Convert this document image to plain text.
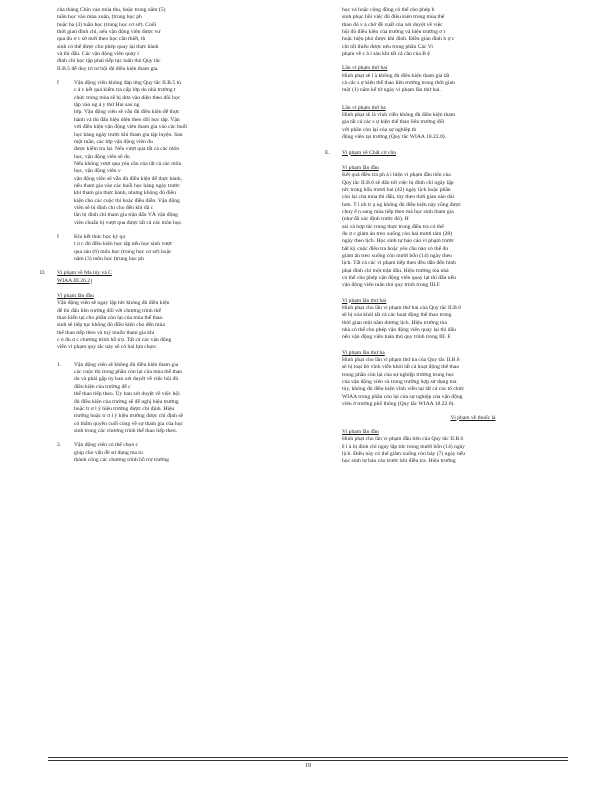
của tháng Chín vào mùa thu, hoặc trong năm (5)
tuần học vào mùa xuân, (trung học ph
hoặc ba (3) tuần học (trung học cơ sở). Cuối
thời gian đình chỉ, nếu vận động viên được vư
qua đu ơ c sở mới theo học cần thiết, th
sinh có thể được cho phép quay lại thực hành
và thi đấu. Các vận động viên quay l
đình chỉ học tập phải tiếp tục tuân thủ Quy tắc
II.B.5 để duy trì tư hội đủ điều kiện tham gia.

f	Vận động viên không đáp ứng Quy tắc II.B.5 tù
c ả c kết quả kiểm tra cấp lớp do nhà trường t
chức trong mùa sẽ bị đưa vào diện theo dõi học
tập vào ng á y thứ Hai sau ng
lớp. Vận động viên sẽ vẫn đủ điều kiện để thực
hành và thi đấu hiệu diện theo dõi học tập. Vận
với điều kiện vận động viên tham gia vào các buổi
học hàng ngày trước khi tham gia tập luyện. Sau
một tuần, các lớp vận động viên đu
được kiểm tra lại. Nếu vượt qua tất cả các môn
học, vận động viên sẽ đu
Nếu không vượt qua yêu cầu của tất cả các môn
học, vận động viên v
vận động viên sẽ vẫn đủ điều kiện để thực hành,
nếu tham gia vào các buổi học hàng ngày trước
khi tham gia thực hành, nhưng không đủ điều
kiện cho các cuộc thi hoặc điều diễn. Vận động
viên sẽ bị đình chỉ cho đến khi đã c
lần bị đình chỉ tham gia trận đấu VÀ vận động
viên chuẩn bị vượt qua được tất cả các môn học.
f	Khi kết thúc học kỳ qu
t ú c đủ điều kiện học tập nếu học sinh vượt
qua sáu (6) môn học (trung học cơ sở) hoặc
năm (3) môn học (trung học ph
D. Vi phạm về Ma túy và C
WIAA III.26.2)
Vi phạm lần đầu
Vận động viên sẽ ngay lập tức không đủ điều kiện
để thi đấu liên trường đối với chương trình thể
thao kiến tại cho phần còn lại của mùa thể thao.
sinh sẽ tiếp tục không đủ điều kiện cho đến mùa
thể thao tiếp theo và tuỳ muốn tham gia khi
c ó đu ơ c chương trình hỗ trợ. Tất cả các vận động
viên vi phạm quy tắc này sẽ có hai lựa chọn:
1. Vận động viên sẽ không đủ điều kiện tham gia
các cuộc thi trong phần còn lại của mùa thể thao
do và phải gặp ủy ban xét duyệt về việc hội đủ
điều kiện của trường để c
thể thao tiếp theo. Ủy ban xét duyệt về việc hội
đủ điều kiện của trường sẽ để nghị hiệu trưởng
hoặc tr ơ l ý hiệu trưởng được chỉ định. Hiệu
trưởng hoặc tr ơ l ý hiệu trưởng được chỉ định sẽ
có thẩm quyền cuối cùng về sự tham gia của học
sinh trong các chương trình thể thao tiếp theo.
2. Vận động viên có thể chọn c
giúp cho vấn đề sử dụng ma tu
thành công các chương trình hỗ trợ trường

học và hoặc cộng đồng có thể cho phép h
sinh phục hồi việc đủ điều kiện trong mùa thể
thao đó v à chờ đề xuất của xét duyệt về việc
hội đủ điều kiện của trường và hiệu trưởng ơ t
hoặc hiệu phó được khi đình. Điều gian đình h ợ c
chỉ tối thiểu được nêu trong phần Các Vi
phạm về c ả i sáu khi tất cả cần của B ệ

Lần vi phạm thứ hai
Hình phạt sẽ l à không đủ điều kiện tham gia tất
cả các s ự kiện thể thao liên trường trong thời gian
một (1) năm kể từ ngày vi phạm lần thứ hai.
Lần vi phạm thứ ba
Hình phạt sẽ là vĩnh viễn không đủ điều kiện tham
gia tất cả các s ự kiện thể thao liên trường đối
với phần còn lại của sự nghiệp th
động viên tại trường (Quy tắc WIAA 18.22.0).
E. Vi phạm về Chất cờ cồn
Vi phạm lần đầu
Kết quả điều tra ph ả i hiện vi phạm đầu tiên của
Quy tắc II.B.6 sẽ dẫn tới việc bị đình chỉ ngày lập
tức trong bốn mươi hai (42) ngày lịch hoặc phần
còn lại của mùa thi đấu, tùy theo thời gian nào dài
hơn. T ì nh tr ạ ng không đủ điều kiện này cũng được
chuy ể n sang mùa tiếp theo mà học sinh tham gia
(như đã xác định trước đó). H
sai và hợp tác trung thực trong điều tra có thể
đu ợ c giảm án treo xuống còn hai mươi tám (28)
ngày theo lịch. Học sinh tự báo cáo vi phạm trước
bất kỳ cuộc điều tra hoặc yêu cầu nào có thể đu
giảm án treo xuống còn mười bốn (14) ngày theo
lịch. Tất cả các vi phạm tiếp theo đều dẫn đến hình
phạt đình chỉ một trận đấu. Hiệu trưởng tòa nhà
có thể cho phép vận động viên quay lại thi đấu nếu
vận động viên tuân thủ quy trình trong III.F.
Vi phạm lần thứ hai
Hình phạt cho lần vi phạm thứ hai của Quy tắc II.B.6
sẽ bị xóa khỏi tất cả các hoạt động thể thao trong
thời gian một năm dương lịch. Hiệu trưởng tòa
nhà có thể cho phép vận động viên quay lại thi đấu
nếu vận động viên tuân thủ quy trình trong III. F.
Vi phạm lần thứ ba
Hình phạt cho lần vi phạm thứ ba của Quy tắc II.B.6
sẽ bị loại bỏ vĩnh viễn khỏi tất cả hoạt động thể thao
trong phần còn lại của sự nghiệp trường trung học
của vận động viên và trong trường hợp sử dụng ma
túy, không đủ điều kiện vĩnh viễn tại tất cả các tổ chức
WIAA trong phần còn lại của sự nghiệp của vận động
viên ở trường phổ thông (Quy tắc WIAA 18.22.0).
Vi phạm về thuốc lá
Vi phạm lần đầu
Hình phạt cho lần vi phạm đầu tiên của Quy tắc II.B.6
ẽ l à bị đình chỉ ngay lập tức trong mười bốn (14) ngày
lịch. Điều này có thể giảm xuống còn bảy (7) ngày nếu
học sinh tự báo cáo trước khi điều tra. Hiệu trưởng
19
